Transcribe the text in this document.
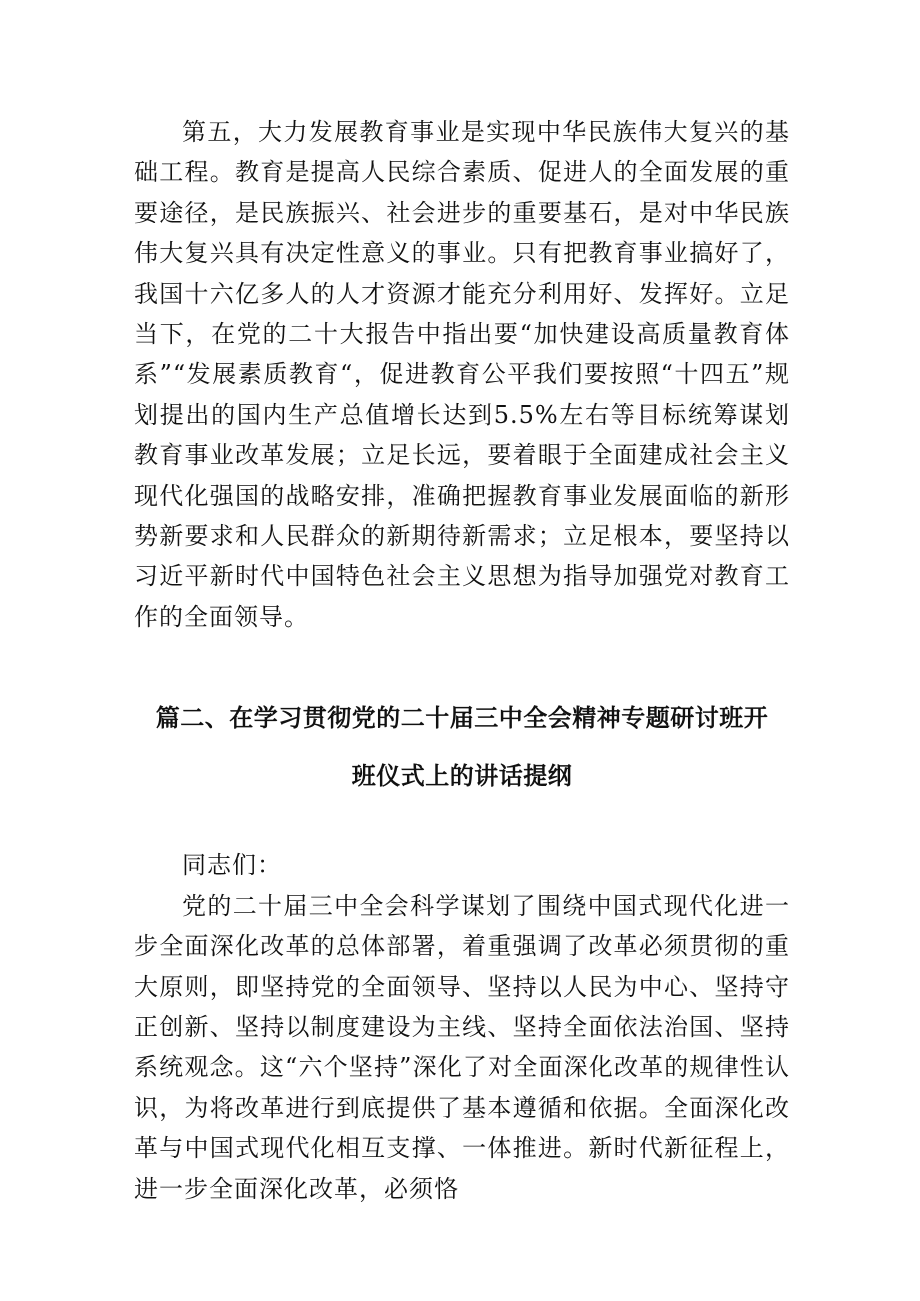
第五，大力发展教育事业是实现中华民族伟大复兴的基础工程。教育是提高人民综合素质、促进人的全面发展的重要途径，是民族振兴、社会进步的重要基石，是对中华民族伟大复兴具有决定性意义的事业。只有把教育事业搞好了，我国十六亿多人的人才资源才能充分利用好、发挥好。立足当下，在党的二十大报告中指出要“加快建设高质量教育体系”“发展素质教育“，促进教育公平我们要按照“十四五”规划提出的国内生产总值增长达到5.5%左右等目标统筹谋划教育事业改革发展；立足长远，要着眼于全面建成社会主义现代化强国的战略安排，准确把握教育事业发展面临的新形势新要求和人民群众的新期待新需求；立足根本，要坚持以习近平新时代中国特色社会主义思想为指导加强党对教育工作的全面领导。

篇二、在学习贯彻党的二十届三中全会精神专题研讨班开

班仪式上的讲话提纲

同志们：

党的二十届三中全会科学谋划了围绕中国式现代化进一步全面深化改革的总体部署，着重强调了改革必须贯彻的重大原则，即坚持党的全面领导、坚持以人民为中心、坚持守正创新、坚持以制度建设为主线、坚持全面依法治国、坚持系统观念。这“六个坚持”深化了对全面深化改革的规律性认识，为将改革进行到底提供了基本遵循和依据。全面深化改革与中国式现代化相互支撑、一体推进。新时代新征程上，进一步全面深化改革，必须恪
